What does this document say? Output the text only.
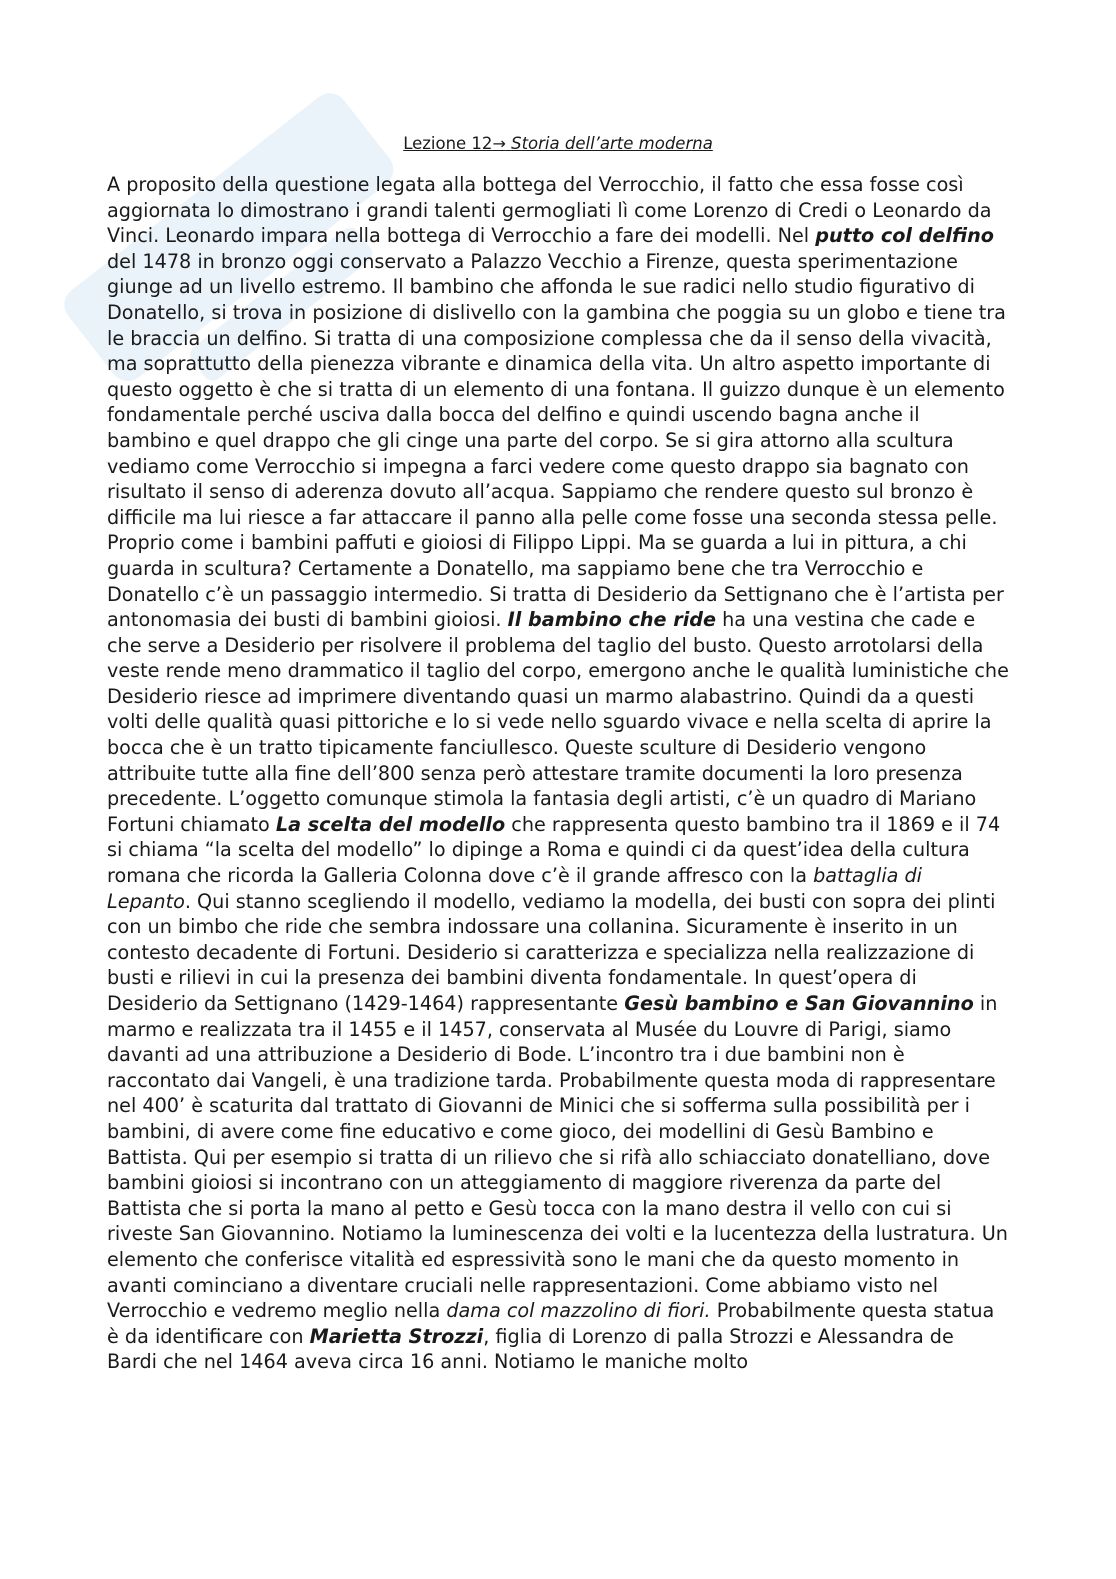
Lezione 12→ Storia dell’arte moderna

A proposito della questione legata alla bottega del Verrocchio, il fatto che essa fosse così aggiornata lo dimostrano i grandi talenti germogliati lì come Lorenzo di Credi o Leonardo da Vinci. Leonardo impara nella bottega di Verrocchio a fare dei modelli. Nel putto col delfino del 1478 in bronzo oggi conservato a Palazzo Vecchio a Firenze, questa sperimentazione giunge ad un livello estremo. Il bambino che affonda le sue radici nello studio figurativo di Donatello, si trova in posizione di dislivello con la gambina che poggia su un globo e tiene tra le braccia un delfino. Si tratta di una composizione complessa che da il senso della vivacità, ma soprattutto della pienezza vibrante e dinamica della vita. Un altro aspetto importante di questo oggetto è che si tratta di un elemento di una fontana. Il guizzo dunque è un elemento fondamentale perché usciva dalla bocca del delfino e quindi uscendo bagna anche il bambino e quel drappo che gli cinge una parte del corpo. Se si gira attorno alla scultura vediamo come Verrocchio si impegna a farci vedere come questo drappo sia bagnato con risultato il senso di aderenza dovuto all’acqua. Sappiamo che rendere questo sul bronzo è difficile ma lui riesce a far attaccare il panno alla pelle come fosse una seconda stessa pelle. Proprio come i bambini paffuti e gioiosi di Filippo Lippi. Ma se guarda a lui in pittura, a chi guarda in scultura? Certamente a Donatello, ma sappiamo bene che tra Verrocchio e Donatello c’è un passaggio intermedio. Si tratta di Desiderio da Settignano che è l’artista per antonomasia dei busti di bambini gioiosi. Il bambino che ride ha una vestina che cade e che serve a Desiderio per risolvere il problema del taglio del busto. Questo arrotolarsi della veste rende meno drammatico il taglio del corpo, emergono anche le qualità luministiche che Desiderio riesce ad imprimere diventando quasi un marmo alabastrino. Quindi da a questi volti delle qualità quasi pittoriche e lo si vede nello sguardo vivace e nella scelta di aprire la bocca che è un tratto tipicamente fanciullesco. Queste sculture di Desiderio vengono attribuite tutte alla fine dell’800 senza però attestare tramite documenti la loro presenza precedente. L’oggetto comunque stimola la fantasia degli artisti, c’è un quadro di Mariano Fortuni chiamato La scelta del modello che rappresenta questo bambino tra il 1869 e il 74 si chiama “la scelta del modello” lo dipinge a Roma e quindi ci da quest’idea della cultura romana che ricorda la Galleria Colonna dove c’è il grande affresco con la battaglia di Lepanto. Qui stanno scegliendo il modello, vediamo la modella, dei busti con sopra dei plinti con un bimbo che ride che sembra indossare una collanina. Sicuramente è inserito in un contesto decadente di Fortuni. Desiderio si caratterizza e specializza nella realizzazione di busti e rilievi in cui la presenza dei bambini diventa fondamentale. In quest’opera di Desiderio da Settignano (1429-1464) rappresentante Gesù bambino e San Giovannino in marmo e realizzata tra il 1455 e il 1457, conservata al Musée du Louvre di Parigi, siamo davanti ad una attribuzione a Desiderio di Bode. L’incontro tra i due bambini non è raccontato dai Vangeli, è una tradizione tarda. Probabilmente questa moda di rappresentare nel 400’ è scaturita dal trattato di Giovanni de Minici che si sofferma sulla possibilità per i bambini, di avere come fine educativo e come gioco, dei modellini di Gesù Bambino e Battista. Qui per esempio si tratta di un rilievo che si rifà allo schiacciato donatelliano, dove bambini gioiosi si incontrano con un atteggiamento di maggiore riverenza da parte del Battista che si porta la mano al petto e Gesù tocca con la mano destra il vello con cui si riveste San Giovannino. Notiamo la luminescenza dei volti e la lucentezza della lustratura. Un elemento che conferisce vitalità ed espressività sono le mani che da questo momento in avanti cominciano a diventare cruciali nelle rappresentazioni. Come abbiamo visto nel Verrocchio e vedremo meglio nella dama col mazzolino di fiori. Probabilmente questa statua è da identificare con Marietta Strozzi, figlia di Lorenzo di palla Strozzi e Alessandra de Bardi che nel 1464 aveva circa 16 anni. Notiamo le maniche molto
